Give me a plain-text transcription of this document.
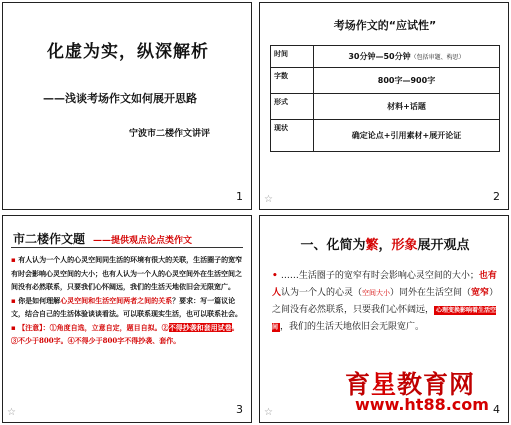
化虚为实，纵深解析
——浅谈考场作文如何展开思路
宁波市二楼作文讲评
1
考场作文的“应试性”
时间	30分钟—50分钟（包括审题、构思）
字数	800字—900字
形式	材料+话题
现状	确定论点+引用素材+展开论证
☆	2
市二楼作文题 ——提供观点论点类作文

▪ 有人认为一个人的心灵空间同生活的环境有很大的关联，生活圈子的宽窄有时会影响心灵空间的大小；也有人认为一个人的心灵空间外在生活空间之间没有必然联系，只要我们心怀阔远，我们的生活天地依旧会无限宽广。

▪ 你是如何理解心灵空间和生活空间两者之间的关系？要求：写一篇议论文，结合自己的生活体验谈谈看法。可以联系现实生活，也可以联系社会。

▪ 【注意】：①角度自选，立意自定，题目自拟。②不得抄袭和套用试卷。③不少于800字。④不得少于800字不得抄袭、套作。

☆	3
一、化简为繁，形象展开观点
• ……生活圈子的宽窄有时会影响心灵空间的大小；也有人认为一个人的心灵（空间大小）同外在生活空间（宽窄）之间没有必然联系，只要我们心怀阔远， 心理变换影响着生活空间 ，我们的生活天地依旧会无限宽广。
☆	4
育星教育网
www.ht88.com
